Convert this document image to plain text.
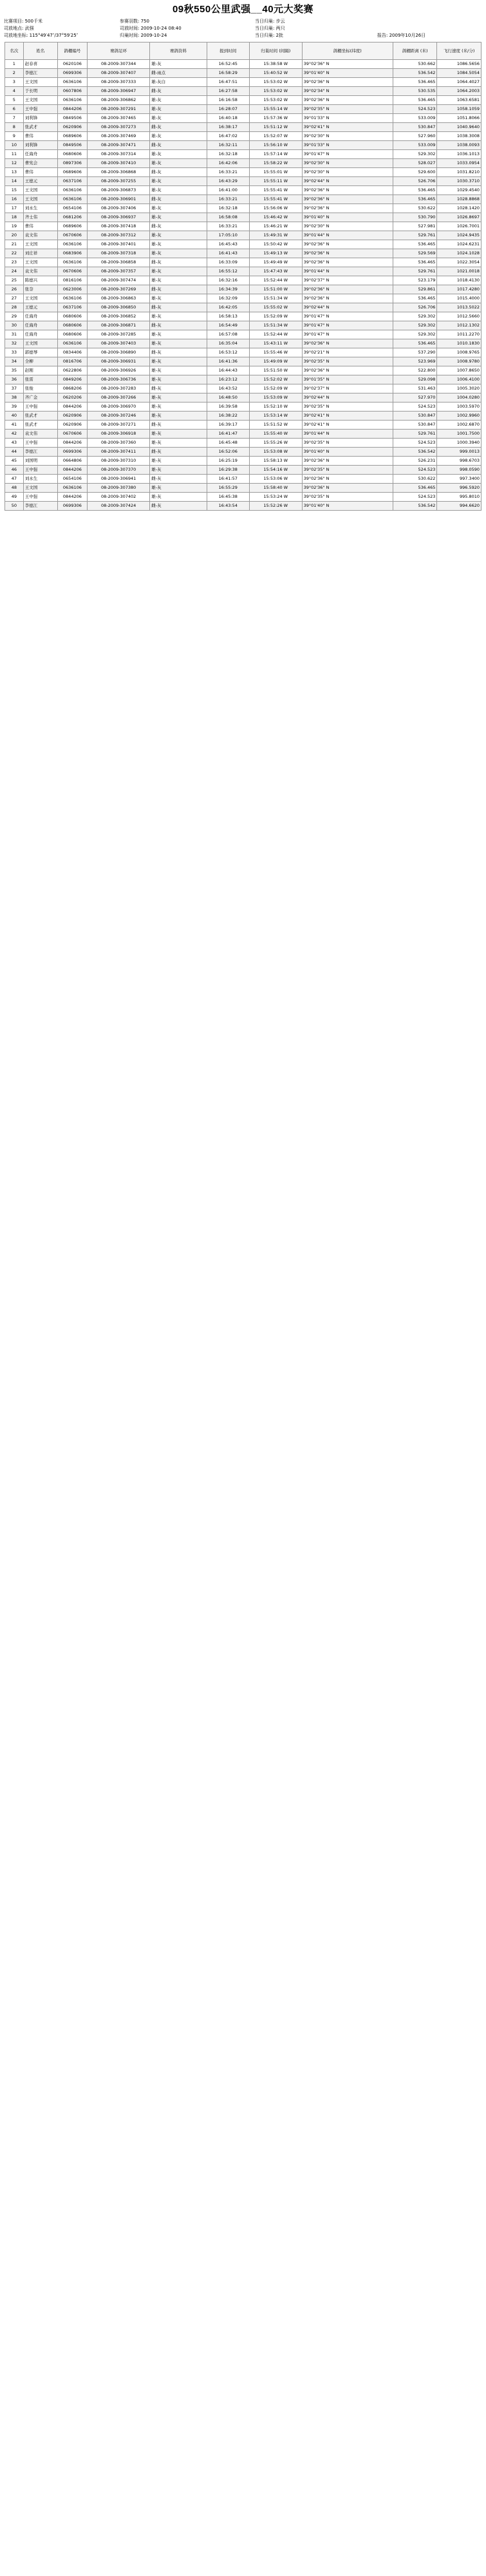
09秋550公里武强__40元大奖赛
比赛项目: 500千米	参赛羽数: 750	当日归巢: 步云
司放地点: 武强	司放时间: 2009-10-24 08:40	当日归巢: 两只
司放地坐标: 115°49′47″/37°59′25″	归巢时间: 2009-10-24	当日归巢: 2批	报告: 2009年10月26日
名次	姓名	鸽棚编号	赛鸽足环	赛鸽资料	报到时间	归巢时间 (间隔)	鸽棚坐标(纬度)	鸽棚距离 (米)	飞行速度 (米/分)
1	赵春喜	0620106	08-2009-307344	雄-灰	16:52:45	15:38:58 W	39°02'36" N	530.662	1086.5656
2	李德江	0699306	08-2009-307407	雌-雨点	16:58:29	15:40:52 W	39°01'40" N	536.542	1084.5054
3	王文国	0636106	08-2009-307333	雄-灰白	16:47:51	15:53:02 W	39°02'36" N	536.465	1064.4027
4	于长明	0607806	08-2009-306947	雌-灰	16:27:58	15:53:02 W	39°02'34" N	530.535	1064.2003
5	王文国	0636106	08-2009-306862	雄-灰	16:16:58	15:53:02 W	39°02'36" N	536.465	1063.6581
6	王中强	0844206	08-2009-307291	雄-灰	16:28:07	15:55:14 W	39°02'35" N	524.523	1058.1059
7	刘利锋	0849506	08-2009-307465	雄-灰	16:40:18	15:57:36 W	39°01'33" N	533.009	1051.8066
8	张武才	0620906	08-2009-307273	雌-灰	16:38:17	15:51:12 W	39°02'41" N	530.847	1040.9640
9	曹伟	0689606	08-2009-307469	雄-灰	16:47:02	15:52:07 W	39°02'30" N	527.960	1038.3008
10	刘利锋	0849506	08-2009-307471	雌-灰	16:32:11	15:56:10 W	39°01'33" N	533.009	1038.0093
11	任海舟	0680606	08-2009-307314	雄-灰	16:32:18	15:57:14 W	39°01'47" N	529.302	1036.1013
12	曹宪会	0897306	08-2009-307410	雄-灰	16:42:06	15:58:22 W	39°02'30" N	528.027	1033.0954
13	曹伟	0689606	08-2009-306868	雌-灰	16:33:21	15:55:01 W	39°02'30" N	529.600	1031.8210
14	王德元	0637106	08-2009-307255	雄-灰	16:43:29	15:55:11 W	39°02'44" N	526.706	1030.3710
15	王文国	0636106	08-2009-306873	雄-灰	16:41:00	15:55:41 W	39°02'36" N	536.465	1029.4540
16	王文国	0636106	08-2009-306901	雌-灰	16:33:21	15:55:41 W	39°02'36" N	536.465	1028.8868
17	刘永生	0654106	08-2009-307406	雄-灰	16:32:18	15:56:06 W	39°02'36" N	530.622	1028.1420
18	齐士伟	0681206	08-2009-306937	雄-灰	16:58:08	15:46:42 W	39°01'40" N	530.790	1026.8697
19	曹伟	0689606	08-2009-307418	雌-灰	16:33:21	15:46:21 W	39°02'30" N	527.981	1026.7001
20	袁文伟	0670606	08-2009-307312	雄-灰	17:05:10	15:49:31 W	39°01'44" N	529.761	1024.9435
21	王文国	0636106	08-2009-307401	雄-灰	16:45:43	15:50:42 W	39°02'36" N	536.465	1024.6231
22	刘庄祥	0683906	08-2009-307318	雄-灰	16:41:43	15:49:13 W	39°02'36" N	529.569	1024.1028
23	王文国	0636106	08-2009-306858	雌-灰	16:33:09	15:49:49 W	39°02'36" N	536.465	1022.3054
24	袁文伟	0670606	08-2009-307357	雄-灰	16:55:12	15:47:43 W	39°01'44" N	529.761	1021.0018
25	陈德兴	0816106	08-2009-307474	雄-灰	16:32:16	15:52:44 W	39°02'37" N	523.179	1018.4130
26	张奈	0623006	08-2009-307269	雌-灰	16:34:39	15:51:00 W	39°02'36" N	529.861	1017.4280
27	王文国	0636106	08-2009-306863	雄-灰	16:32:09	15:51:34 W	39°02'36" N	536.465	1015.4000
28	王德元	0637106	08-2009-306850	雌-灰	16:42:05	15:55:02 W	39°02'44" N	526.706	1013.5022
29	任海舟	0680606	08-2009-306852	雄-灰	16:58:13	15:52:09 W	39°01'47" N	529.302	1012.5660
30	任海舟	0680606	08-2009-306871	雌-灰	16:54:49	15:51:34 W	39°01'47" N	529.302	1012.1302
31	任海舟	0680606	08-2009-307285	雄-灰	16:57:08	15:52:44 W	39°01'47" N	529.302	1011.2270
32	王文国	0636106	08-2009-307403	雄-灰	16:35:04	15:43:11 W	39°02'36" N	536.465	1010.1830
33	郭德琴	0834406	08-2009-306890	雌-灰	16:53:12	15:55:46 W	39°02'21" N	537.290	1008.9765
34	全柳	0816706	08-2009-306931	雄-灰	16:41:36	15:49:09 W	39°02'35" N	523.969	1008.9780
35	赵刚	0622806	08-2009-306926	雄-灰	16:44:43	15:51:50 W	39°02'36" N	522.800	1007.8650
36	张雷	0849206	08-2009-306736	雄-灰	16:23:12	15:52:02 W	39°01'35" N	529.098	1006.4100
37	张俊	0868206	08-2009-307283	雌-灰	16:43:52	15:52:09 W	39°02'37" N	531.463	1005.3020
38	齐广金	0620206	08-2009-307266	雄-灰	16:48:50	15:53:09 W	39°02'44" N	527.970	1004.0280
39	王中强	0844206	08-2009-306970	雄-灰	16:39:58	15:52:10 W	39°02'35" N	524.523	1003.5970
40	张武才	0620906	08-2009-307246	雄-灰	16:38:22	15:53:14 W	39°02'41" N	530.847	1002.9960
41	张武才	0620906	08-2009-307271	雌-灰	16:39:17	15:51:52 W	39°02'41" N	530.847	1002.6870
42	袁文伟	0670606	08-2009-306918	雄-灰	16:41:47	15:55:40 W	39°01'44" N	529.761	1001.7500
43	王中强	0844206	08-2009-307360	雄-灰	16:45:48	15:55:26 W	39°02'35" N	524.523	1000.3940
44	李德江	0699306	08-2009-307411	雌-灰	16:52:06	15:53:08 W	39°01'40" N	536.542	999.0013
45	刘国明	0664806	08-2009-307310	雄-灰	16:25:19	15:58:13 W	39°02'36" N	526.231	998.6703
46	王中强	0844206	08-2009-307370	雄-灰	16:29:38	15:54:16 W	39°02'35" N	524.523	998.0590
47	刘永生	0654106	08-2009-306941	雌-灰	16:41:57	15:53:06 W	39°02'36" N	530.622	997.3400
48	王文国	0636106	08-2009-307380	雄-灰	16:55:29	15:58:40 W	39°02'36" N	536.465	996.5920
49	王中强	0844206	08-2009-307402	雄-灰	16:45:38	15:53:24 W	39°02'35" N	524.523	995.8010
50	李德江	0699306	08-2009-307424	雌-灰	16:43:54	15:52:26 W	39°01'40" N	536.542	994.6620
